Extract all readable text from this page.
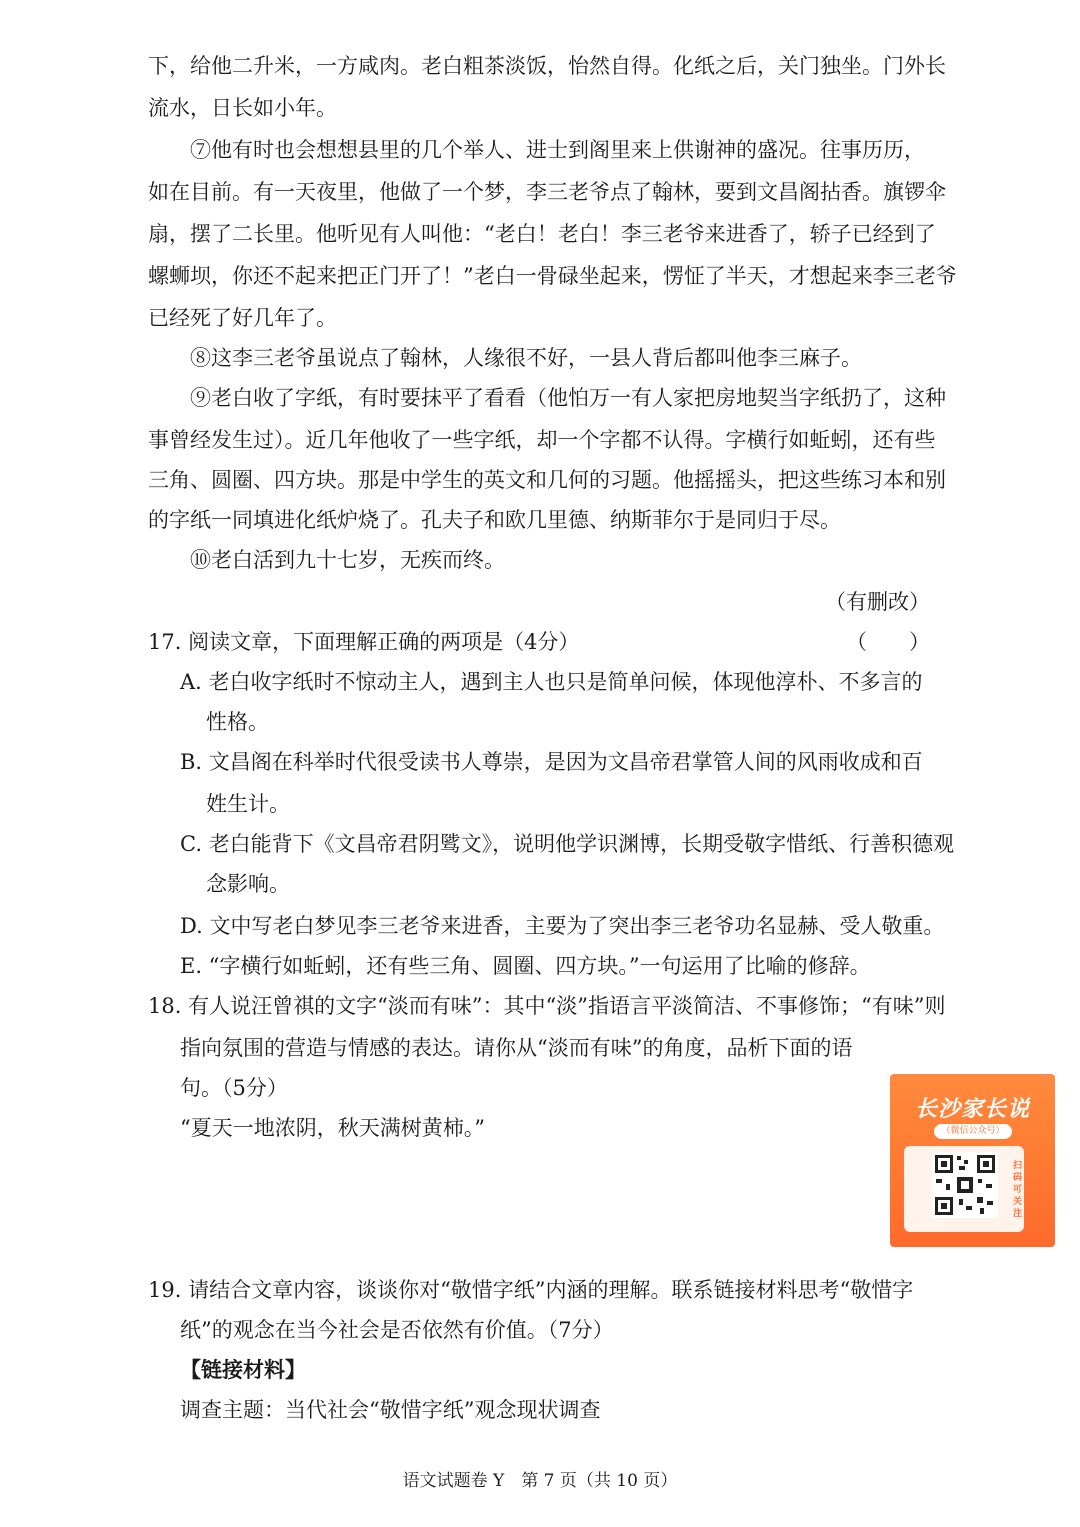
下，给他二升米，一方咸肉。老白粗茶淡饭，怡然自得。化纸之后，关门独坐。门外长
流水，日长如小年。
⑦他有时也会想想县里的几个举人、进士到阁里来上供谢神的盛况。往事历历，
如在目前。有一天夜里，他做了一个梦，李三老爷点了翰林，要到文昌阁拈香。旗锣伞
扇，摆了二长里。他听见有人叫他：“老白！老白！李三老爷来进香了，轿子已经到了
螺蛳坝，你还不起来把正门开了！”老白一骨碌坐起来，愣怔了半天，才想起来李三老爷
已经死了好几年了。
⑧这李三老爷虽说点了翰林，人缘很不好，一县人背后都叫他李三麻子。
⑨老白收了字纸，有时要抹平了看看（他怕万一有人家把房地契当字纸扔了，这种
事曾经发生过）。近几年他收了一些字纸，却一个字都不认得。字横行如蚯蚓，还有些
三角、圆圈、四方块。那是中学生的英文和几何的习题。他摇摇头，把这些练习本和别
的字纸一同填进化纸炉烧了。孔夫子和欧几里德、纳斯菲尔于是同归于尽。
⑩老白活到九十七岁，无疾而终。
（有删改）
17. 阅读文章，下面理解正确的两项是（4分）	（　　）
A. 老白收字纸时不惊动主人，遇到主人也只是简单问候，体现他淳朴、不多言的
性格。
B. 文昌阁在科举时代很受读书人尊崇，是因为文昌帝君掌管人间的风雨收成和百
姓生计。
C. 老白能背下《文昌帝君阴骘文》，说明他学识渊博，长期受敬字惜纸、行善积德观
念影响。
D. 文中写老白梦见李三老爷来进香，主要为了突出李三老爷功名显赫、受人敬重。
E. “字横行如蚯蚓，还有些三角、圆圈、四方块。”一句运用了比喻的修辞。
18. 有人说汪曾祺的文字“淡而有味”：其中“淡”指语言平淡简洁、不事修饰；“有味”则
指向氛围的营造与情感的表达。请你从“淡而有味”的角度，品析下面的语
句。（5分）
“夏天一地浓阴，秋天满树黄柿。”
长沙家长说
（微信公众号）
扫码可关注
19. 请结合文章内容，谈谈你对“敬惜字纸”内涵的理解。联系链接材料思考“敬惜字
纸”的观念在当今社会是否依然有价值。（7分）
【链接材料】
调查主题：当代社会“敬惜字纸”观念现状调查
语文试题卷 Y　第 7 页（共 10 页）
